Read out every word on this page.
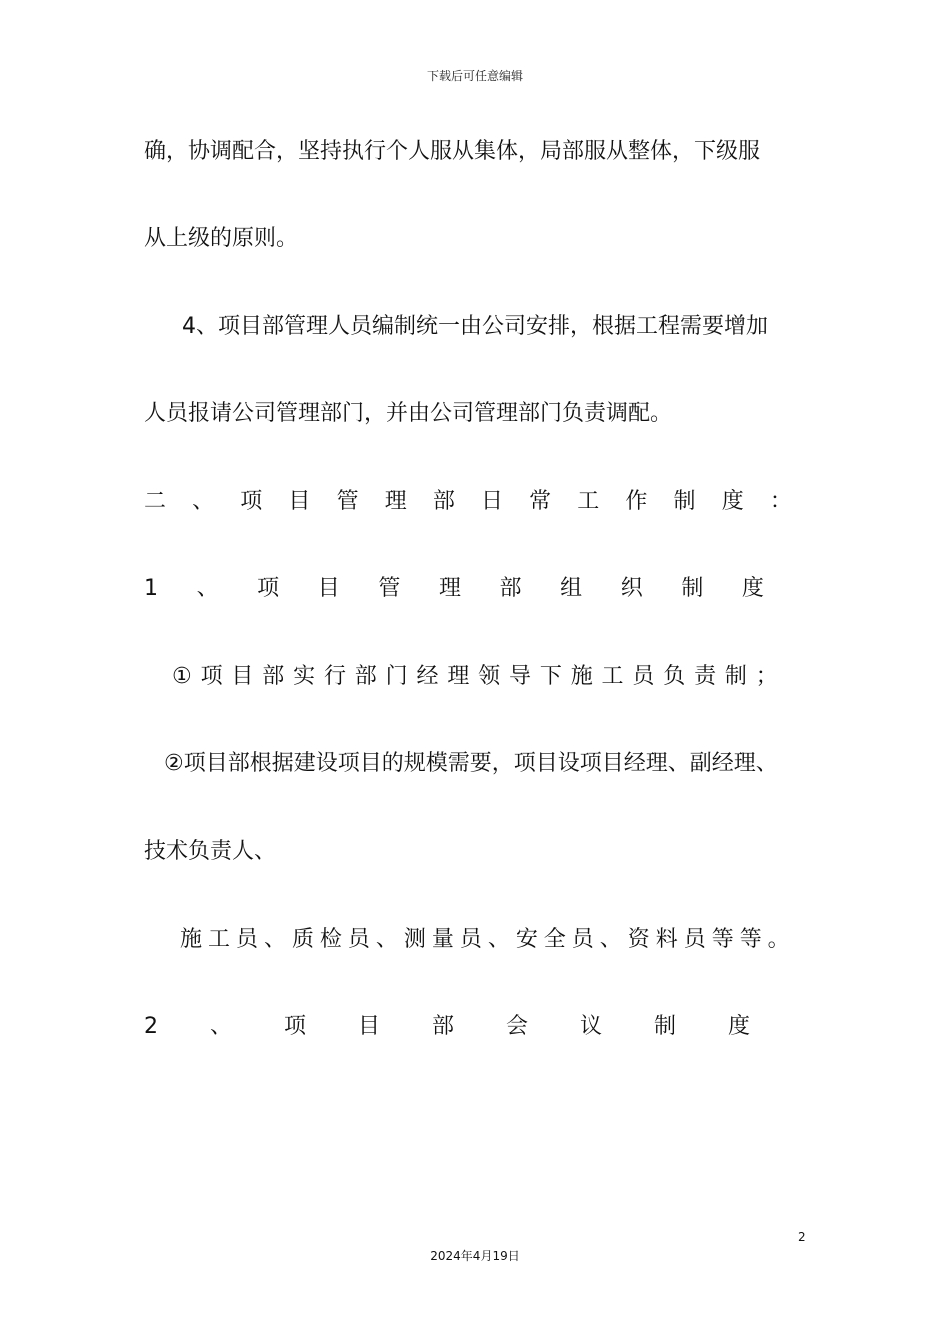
下载后可任意编辑
确，协调配合，坚持执行个人服从集体，局部服从整体，下级服
从上级的原则。
4、项目部管理人员编制统一由公司安排，根据工程需要增加
人员报请公司管理部门，并由公司管理部门负责调配。
二 、 项 目 管 理 部 日 常 工 作 制 度 ：
1 、 项 目 管 理 部 组 织 制 度
① 项 目 部 实 行 部 门 经 理 领 导 下 施 工 员 负 责 制 ；
②项目部根据建设项目的规模需要，项目设项目经理、副经理、
技术负责人、
施 工 员 、 质 检 员 、 测 量 员 、 安 全 员 、 资 料 员 等 等 。
2 、 项 目 部 会 议 制 度
2
2024年4月19日
